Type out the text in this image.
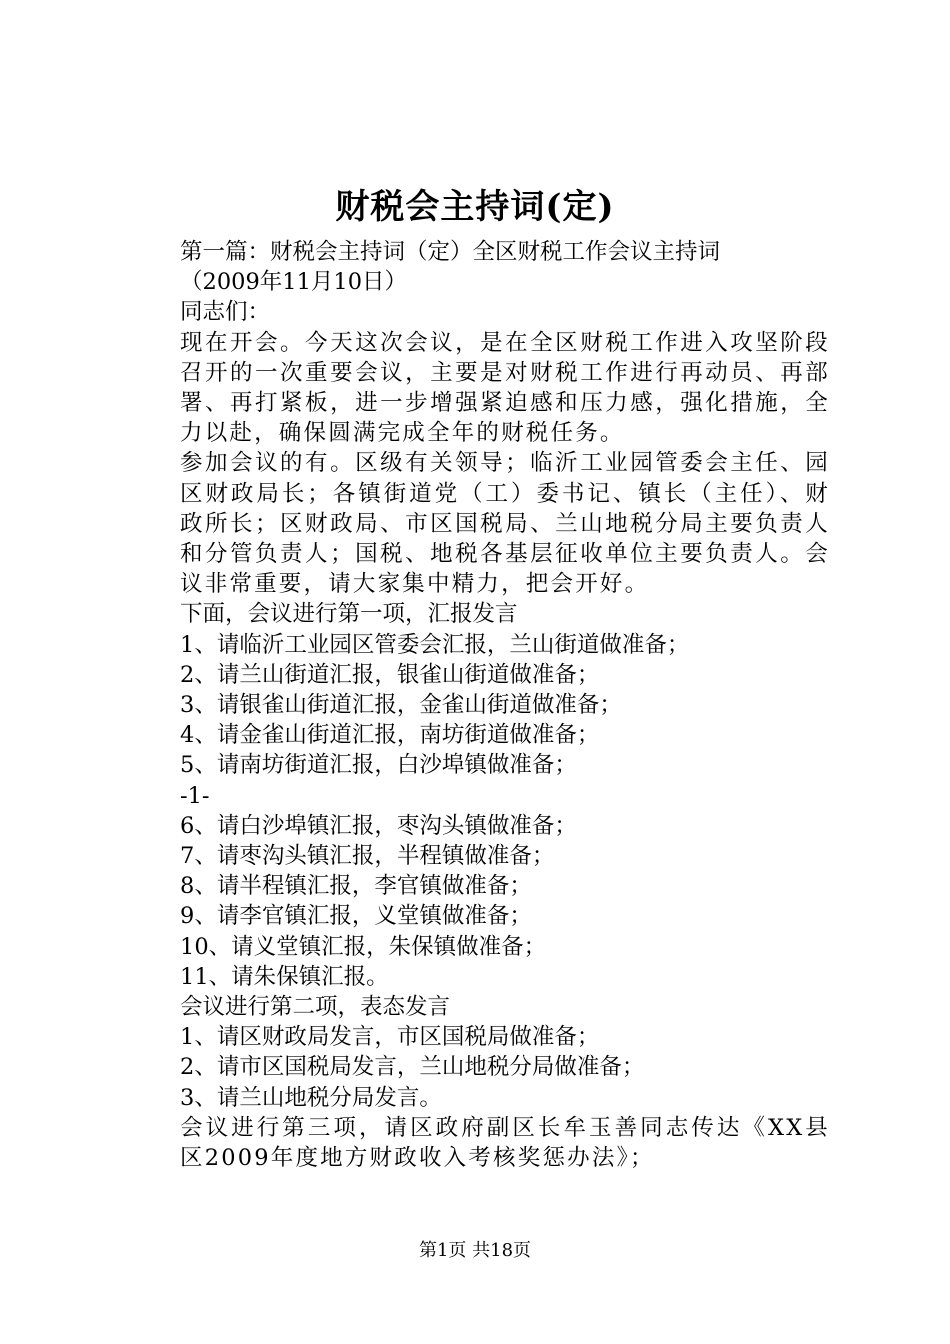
财税会主持词(定)

第一篇：财税会主持词（定）全区财税工作会议主持词

（2009年11月10日）

同志们：

现在开会。今天这次会议，是在全区财税工作进入攻坚阶段召开的一次重要会议，主要是对财税工作进行再动员、再部署、再打紧板，进一步增强紧迫感和压力感，强化措施，全力以赴，确保圆满完成全年的财税任务。

参加会议的有。区级有关领导；临沂工业园管委会主任、园区财政局长；各镇街道党（工）委书记、镇长（主任）、财政所长；区财政局、市区国税局、兰山地税分局主要负责人和分管负责人；国税、地税各基层征收单位主要负责人。会议非常重要，请大家集中精力，把会开好。

下面，会议进行第一项，汇报发言

1、请临沂工业园区管委会汇报，兰山街道做准备；

2、请兰山街道汇报，银雀山街道做准备；

3、请银雀山街道汇报，金雀山街道做准备；

4、请金雀山街道汇报，南坊街道做准备；

5、请南坊街道汇报，白沙埠镇做准备；

-1-

6、请白沙埠镇汇报，枣沟头镇做准备；

7、请枣沟头镇汇报，半程镇做准备；

8、请半程镇汇报，李官镇做准备；

9、请李官镇汇报，义堂镇做准备；

10、请义堂镇汇报，朱保镇做准备；

11、请朱保镇汇报。

会议进行第二项，表态发言

1、请区财政局发言，市区国税局做准备；

2、请市区国税局发言，兰山地税分局做准备；

3、请兰山地税分局发言。

会议进行第三项，请区政府副区长牟玉善同志传达《XX县区2009年度地方财政收入考核奖惩办法》；

第1页 共18页
